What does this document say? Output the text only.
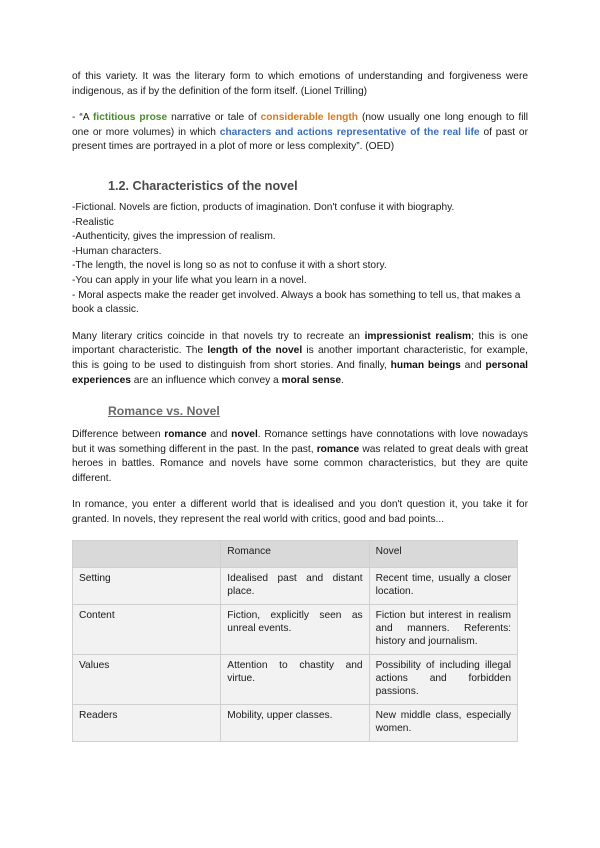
of this variety. It was the literary form to which emotions of understanding and forgiveness were indigenous, as if by the definition of the form itself. (Lionel Trilling)

- “A fictitious prose narrative or tale of considerable length (now usually one long enough to fill one or more volumes) in which characters and actions representative of the real life of past or present times are portrayed in a plot of more or less complexity”. (OED)

1.2. Characteristics of the novel

-Fictional. Novels are fiction, products of imagination. Don't confuse it with biography.

-Realistic

-Authenticity, gives the impression of realism.

-Human characters.

-The length, the novel is long so as not to confuse it with a short story.

-You can apply in your life what you learn in a novel.

- Moral aspects make the reader get involved. Always a book has something to tell us, that makes a book a classic.

Many literary critics coincide in that novels try to recreate an impressionist realism; this is one important characteristic. The length of the novel is another important characteristic, for example, this is going to be used to distinguish from short stories. And finally, human beings and personal experiences are an influence which convey a moral sense.

Romance vs. Novel

Difference between romance and novel. Romance settings have connotations with love nowadays but it was something different in the past. In the past, romance was related to great deals with great heroes in battles. Romance and novels have some common characteristics, but they are quite different.

In romance, you enter a different world that is idealised and you don't question it, you take it for granted. In novels, they represent the real world with critics, good and bad points...

	Romance	Novel
Setting	Idealised past and distant place.	Recent time, usually a closer location.
Content	Fiction, explicitly seen as unreal events.	Fiction but interest in realism and manners. Referents: history and journalism.
Values	Attention to chastity and virtue.	Possibility of including illegal actions and forbidden passions.
Readers	Mobility, upper classes.	New middle class, especially women.
